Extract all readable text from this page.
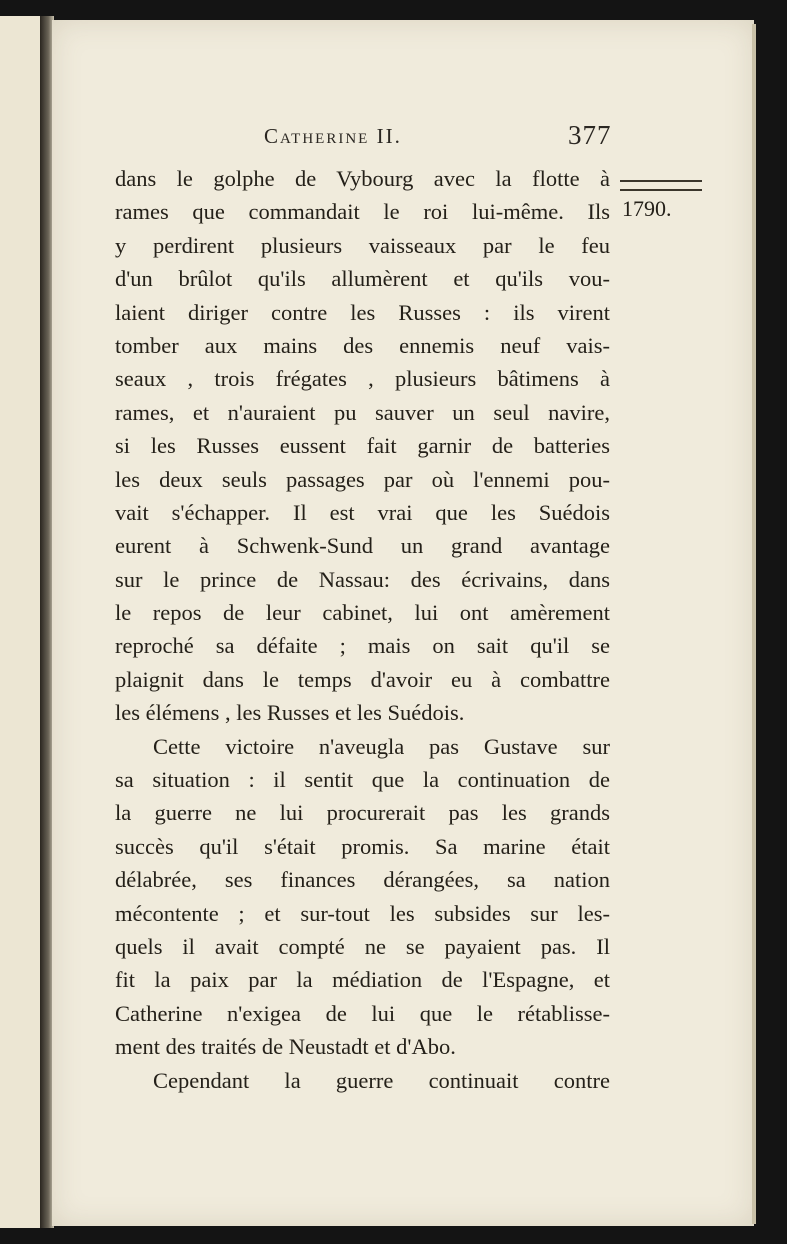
Catherine II.	377
1790.
dans le golphe de Vybourg avec la flotte à
rames que commandait le roi lui-même. Ils
y perdirent plusieurs vaisseaux par le feu
d'un brûlot qu'ils allumèrent et qu'ils vou-
laient diriger contre les Russes : ils virent
tomber aux mains des ennemis neuf vais-
seaux , trois frégates , plusieurs bâtimens à
rames, et n'auraient pu sauver un seul navire,
si les Russes eussent fait garnir de batteries
les deux seuls passages par où l'ennemi pou-
vait s'échapper. Il est vrai que les Suédois
eurent à Schwenk-Sund un grand avantage
sur le prince de Nassau: des écrivains, dans
le repos de leur cabinet, lui ont amèrement
reproché sa défaite ; mais on sait qu'il se
plaignit dans le temps d'avoir eu à combattre
les élémens , les Russes et les Suédois.
Cette victoire n'aveugla pas Gustave sur
sa situation : il sentit que la continuation de
la guerre ne lui procurerait pas les grands
succès qu'il s'était promis. Sa marine était
délabrée, ses finances dérangées, sa nation
mécontente ; et sur-tout les subsides sur les-
quels il avait compté ne se payaient pas. Il
fit la paix par la médiation de l'Espagne, et
Catherine n'exigea de lui que le rétablisse-
ment des traités de Neustadt et d'Abo.
Cependant la guerre continuait contre
